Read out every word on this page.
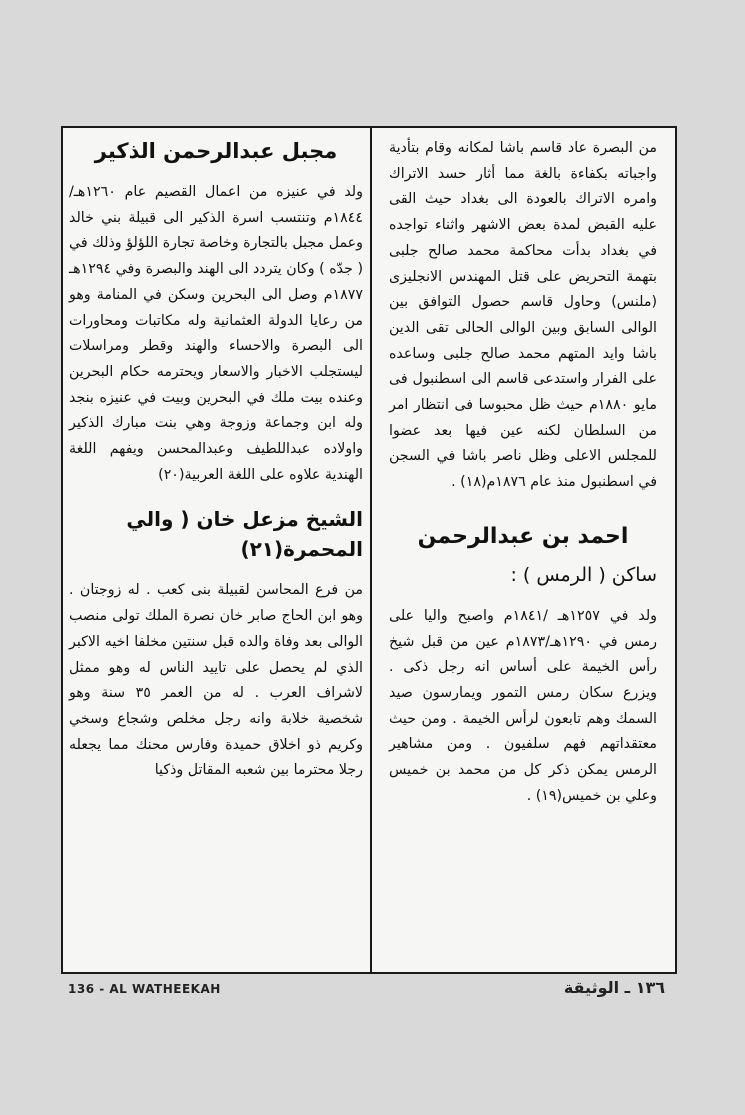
من البصرة عاد قاسم باشا لمكانه وقام بتأدية واجباته بكفاءة بالغة مما أثار حسد الاتراك وامره الاتراك بالعودة الى بغداد حيث القى عليه القبض لمدة بعض الاشهر واثناء تواجده في بغداد بدأت محاكمة محمد صالح جلبى بتهمة التحريض على قتل المهندس الانجليزى (ملنس) وحاول قاسم حصول التوافق بين الوالى السابق وبين الوالى الحالى تقى الدين باشا وايد المتهم محمد صالح جلبى وساعده على الفرار واستدعى قاسم الى اسطنبول فى مايو ١٨٨٠م حيث ظل محبوسا فى انتظار امر من السلطان لكنه عين فيها بعد عضوا للمجلس الاعلى وظل ناصر باشا في السجن في اسطنبول منذ عام ١٨٧٦م(١٨) .

احمد بن عبدالرحمن

ساكن ( الرمس ) :

ولد في ١٢٥٧هـ /١٨٤١م واصبح واليا على رمس في ١٢٩٠هـ/١٨٧٣م عين من قبل شيخ رأس الخيمة على أساس انه رجل ذكى . ويزرع سكان رمس التمور ويمارسون صيد السمك وهم تابعون لرأس الخيمة . ومن حيث معتقداتهم فهم سلفيون . ومن مشاهير الرمس يمكن ذكر كل من محمد بن خميس وعلي بن خميس(١٩) .

مجبل عبدالرحمن الذكير

ولد في عنيزه من اعمال القصيم عام ١٢٦٠هـ/ ١٨٤٤م وتنتسب اسرة الذكير الى قبيلة بني خالد وعمل مجبل بالتجارة وخاصة تجارة اللؤلؤ وذلك في ( جدّه ) وكان يتردد الى الهند والبصرة وفي ١٢٩٤هـ ١٨٧٧م وصل الى البحرين وسكن في المنامة وهو من رعايا الدولة العثمانية وله مكاتبات ومحاورات الى البصرة والاحساء والهند وقطر ومراسلات ليستجلب الاخبار والاسعار ويحترمه حكام البحرين وعنده بيت ملك في البحرين وبيت في عنيزه بنجد وله ابن وجماعة وزوجة وهي بنت مبارك الذكير واولاده عبداللطيف وعبدالمحسن ويفهم اللغة الهندية علاوه على اللغة العربية(٢٠)

الشيخ مزعل خان ( والي المحمرة(٢١)

من فرع المحاسن لقبيلة بنى كعب . له زوجتان . وهو ابن الحاج صابر خان نصرة الملك تولى منصب الوالى بعد وفاة والده قبل سنتين مخلفا اخيه الاكبر الذي لم يحصل على تاييد الناس له وهو ممثل لاشراف العرب . له من العمر ٣٥ سنة وهو شخصية خلابة وانه رجل مخلص وشجاع وسخي وكريم ذو اخلاق حميدة وفارس محنك مما يجعله رجلا محترما بين شعبه المقاتل وذكيا

136 - AL WATHEEKAH	١٣٦ ـ الوثيقة
